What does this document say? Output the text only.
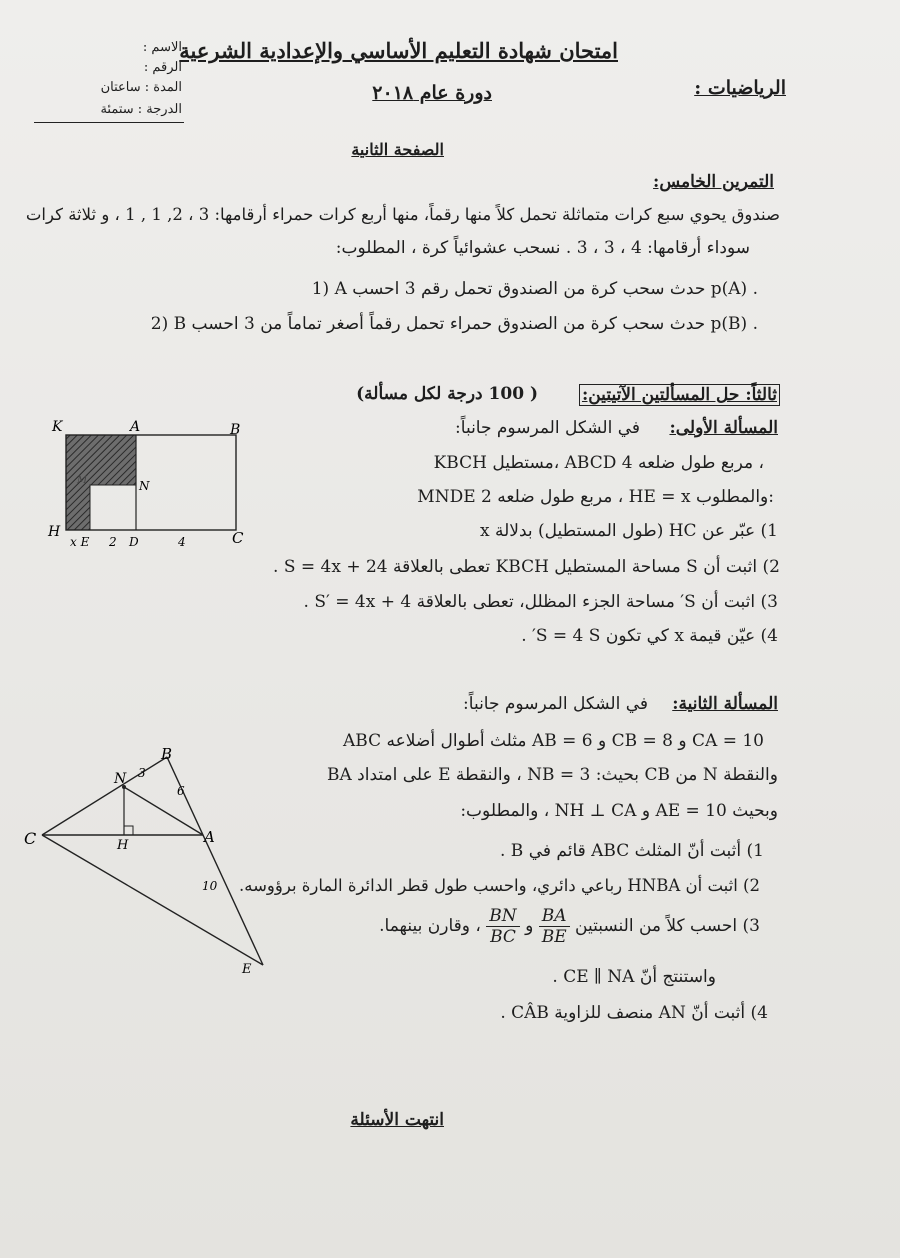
الاسم :
الرقم :
المدة : ساعتان
الدرجة : ستمئة
امتحان شهادة التعليم الأساسي والإعدادية الشرعية
دورة عام ٢٠١٨	الرياضيات :
الصفحة الثانية
التمرين الخامس:
صندوق يحوي سبع كرات متماثلة تحمل كلاً منها رقماً، منها أربع كرات حمراء أرقامها: 3 ، 2, 1 , 1 ، و ثلاثة كرات
سوداء أرقامها: 4 ، 3 ، 3 . نسحب عشوائياً كرة ، المطلوب:
1) A حدث سحب كرة من الصندوق تحمل رقم 3 احسب p(A) .
2) B حدث سحب كرة من الصندوق حمراء تحمل رقماً أصغر تماماً من 3 احسب p(B) .
ثالثاً: حل المسألتين الآتيتين:
( 100 درجة لكل مسألة)
المسألة الأولى:
في الشكل المرسوم جانباً:
KBCH مستطيل، ABCD مربع طول ضلعه 4 ،
MNDE مربع طول ضلعه 2 ، HE = x والمطلوب:
1) عبّر عن HC (طول المستطيل) بدلالة x
2) اثبت أن S مساحة المستطيل KBCH تعطى بالعلاقة S = 4x + 24 .
3) اثبت أن S′ مساحة الجزء المظلل، تعطى بالعلاقة S′ = 4x + 4 .
4) عيّن قيمة x كي تكون S = 4 S′ .
K	A	B
H	C
N
M
x E 2 D	4
المسألة الثانية:
في الشكل المرسوم جانباً:
ABC مثلث أطوال أضلاعه AB = 6 و CB = 8 و CA = 10
والنقطة N من CB بحيث: NB = 3 ، والنقطة E على امتداد BA
وبحيث AE = 10 و NH ⊥ CA ، والمطلوب:
1) أثبت أنّ المثلث ABC قائم في B .
2) اثبت أن HNBA رباعي دائري، واحسب طول قطر الدائرة المارة برؤوسه.
3) احسب كلاً من النسبتين
$\frac{BA}{BE}$
و
$\frac{BN}{BC}$
، وقارن بينهما.
واستنتج أنّ CE ∥ NA .
4) أثبت أنّ AN منصف للزاوية CÂB .
B
N 3
6
C	H	A
10
E
انتهت الأسئلة
